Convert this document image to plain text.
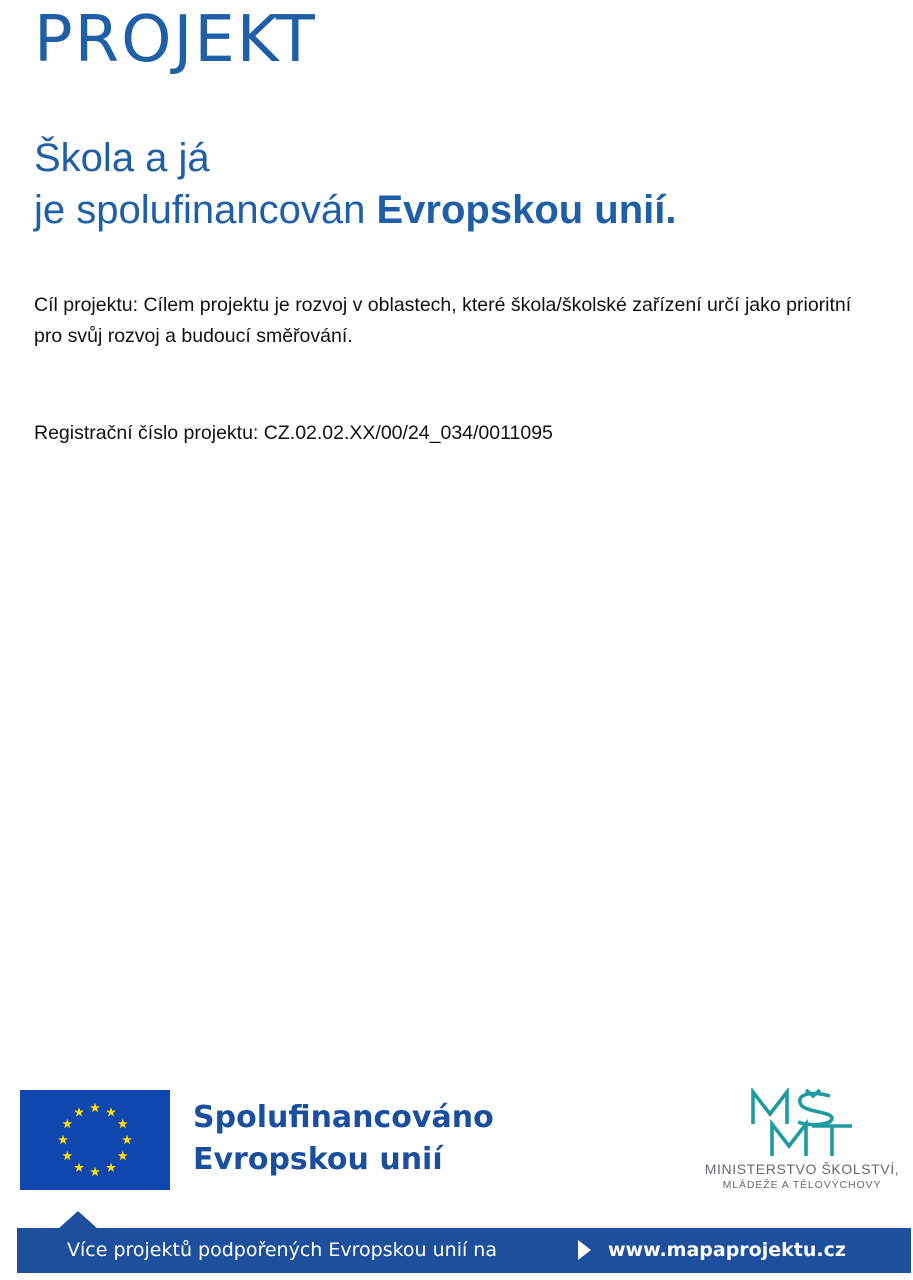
PROJEKT
Škola a já
je spolufinancován Evropskou unií.
Cíl projektu: Cílem projektu je rozvoj v oblastech, které škola/školské zařízení určí jako prioritní pro svůj rozvoj a budoucí směřování.
Registrační číslo projektu: CZ.02.02.XX/00/24_034/0011095
Spolufinancováno
Evropskou unií	MINISTERSTVO ŠKOLSTVÍ,
MLÁDEŽE A TĚLOVÝCHOVY
Více projektů podpořených Evropskou unií na	www.mapaprojektu.cz
